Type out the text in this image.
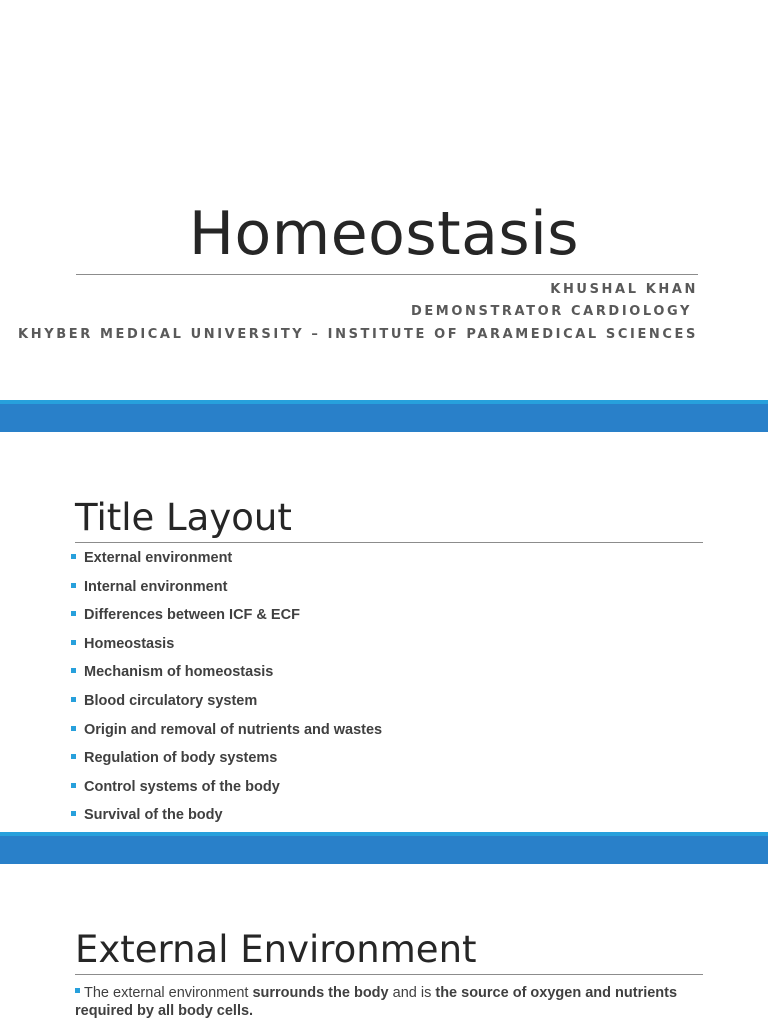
Homeostasis
KHUSHAL KHAN
DEMONSTRATOR CARDIOLOGY
KHYBER MEDICAL UNIVERSITY – INSTITUTE OF PARAMEDICAL SCIENCES
Title Layout
External environment
Internal environment
Differences between ICF & ECF
Homeostasis
Mechanism of homeostasis
Blood circulatory system
Origin and removal of nutrients and wastes
Regulation of body systems
Control systems of the body
Survival of the body
External Environment
The external environment surrounds the body and is the source of oxygen and nutrients required by all body cells.
